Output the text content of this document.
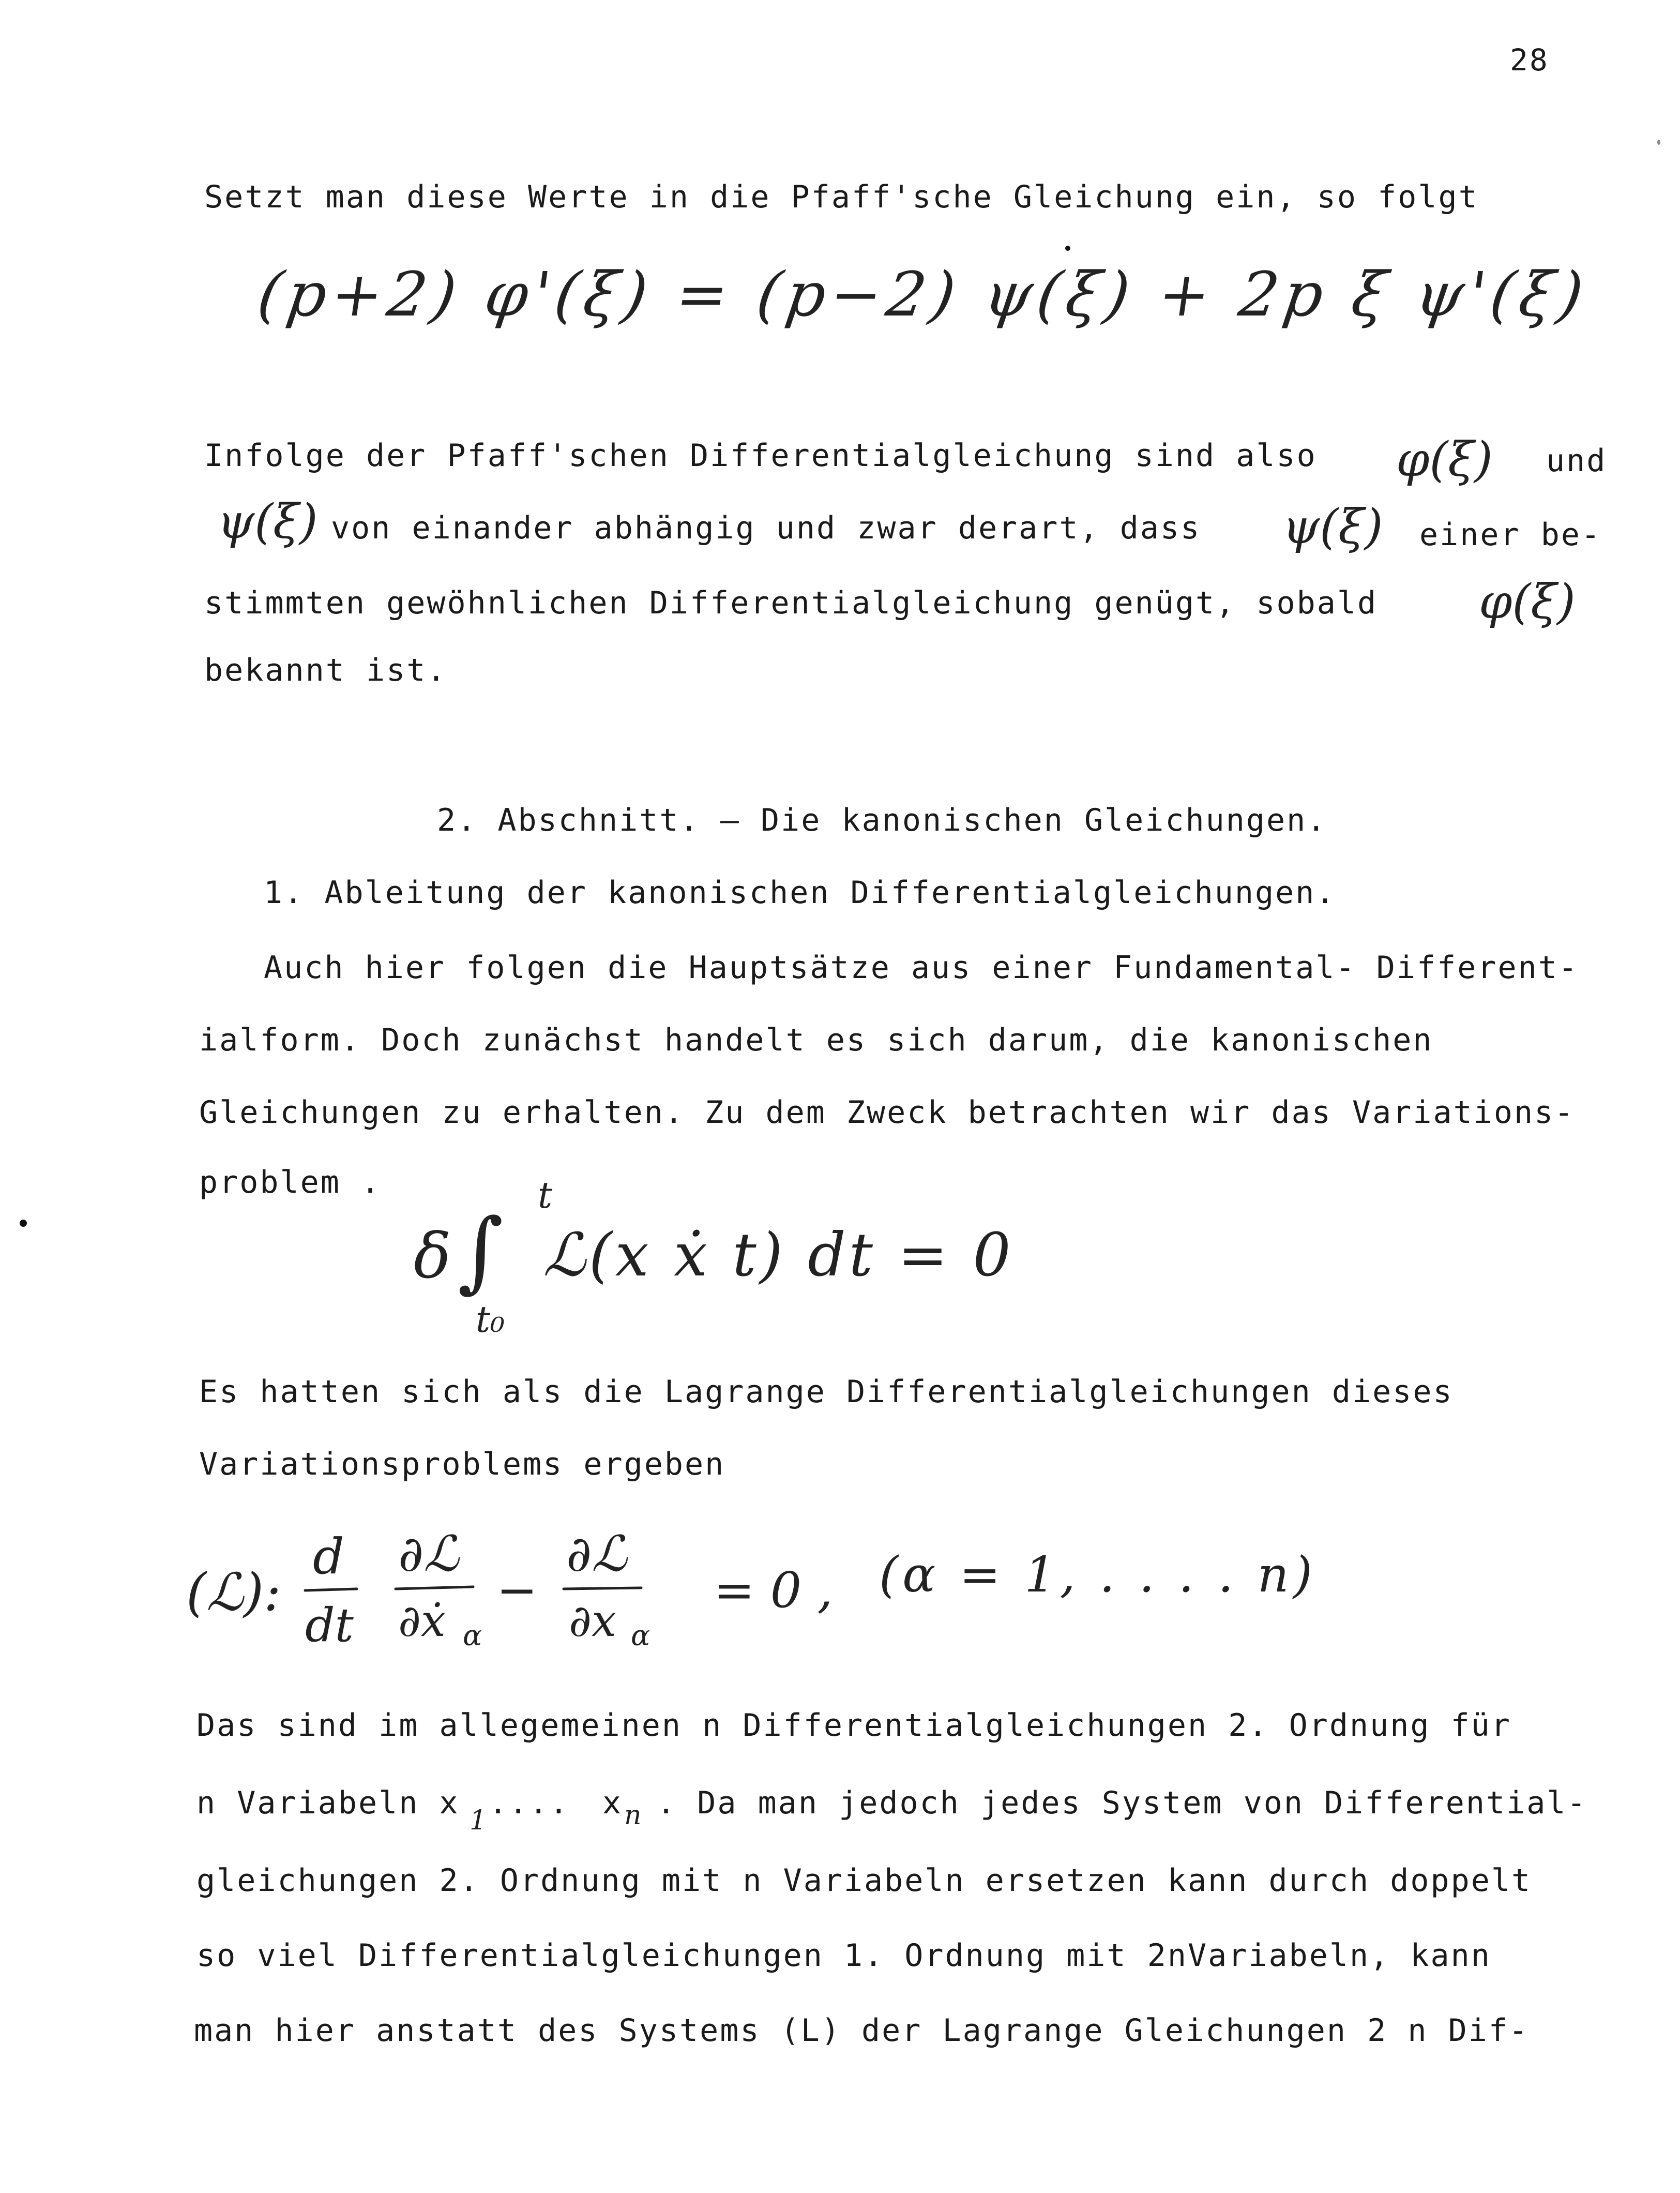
28
Setzt man diese Werte in die Pfaff'sche Gleichung ein, so folgt
(p+2) φ'(ξ) = (p−2) ψ(ξ) + 2p ξ ψ'(ξ)
Infolge der Pfaff'schen Differentialgleichung sind also φ(ξ) und
ψ(ξ) von einander abhängig und zwar derart, dass ψ(ξ) einer be-
stimmten gewöhnlichen Differentialgleichung genügt, sobald φ(ξ)
bekannt ist.
2. Abschnitt. – Die kanonischen Gleichungen.
1. Ableitung der kanonischen Differentialgleichungen.
Auch hier folgen die Hauptsätze aus einer Fundamental- Different-
ialform. Doch zunächst handelt es sich darum, die kanonischen
Gleichungen zu erhalten. Zu dem Zweck betrachten wir das Variations-
problem .
δ ∫
t
t₀
ℒ(x ẋ t) dt = 0
Es hatten sich als die Lagrange Differentialgleichungen dieses
Variationsproblems ergeben
(ℒ):
d
dt
∂ℒ
∂ẋ α
−
∂ℒ
∂x α
= 0 , (α = 1, . . . . n)
Das sind im allegemeinen n Differentialgleichungen 2. Ordnung für
n Variabeln x 1 .... x n . Da man jedoch jedes System von Differential-
gleichungen 2. Ordnung mit n Variabeln ersetzen kann durch doppelt
so viel Differentialgleichungen 1. Ordnung mit 2nVariabeln, kann
man hier anstatt des Systems (L) der Lagrange Gleichungen 2 n Dif-
